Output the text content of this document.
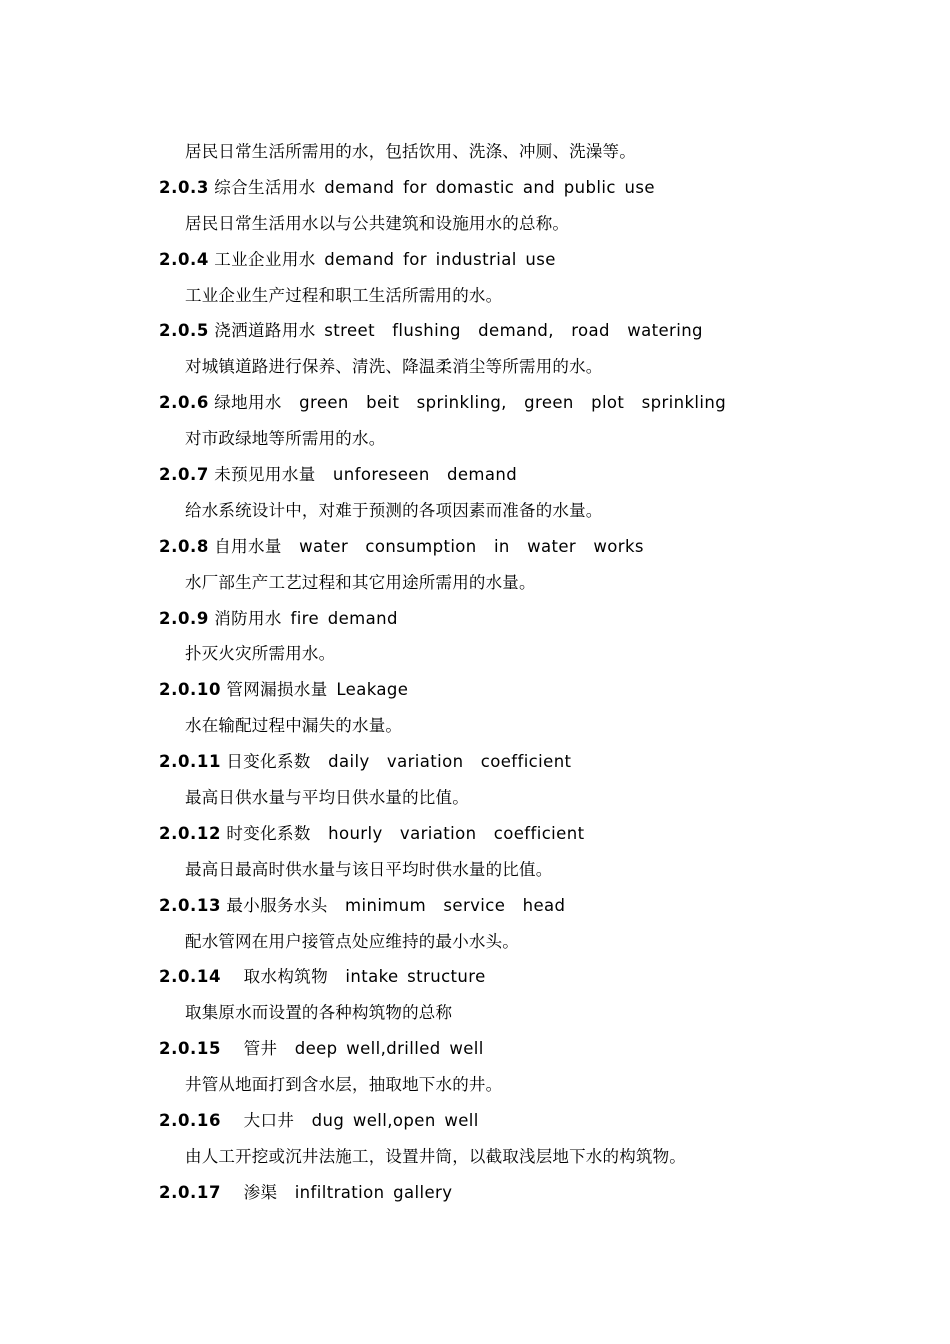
居民日常生活所需用的水，包括饮用、洗涤、冲厕、洗澡等。
2.0.3 综合生活用水 demand for domastic and public use
居民日常生活用水以与公共建筑和设施用水的总称。
2.0.4 工业企业用水 demand for industrial use
工业企业生产过程和职工生活所需用的水。
2.0.5 浇洒道路用水 street  flushing  demand,  road  watering
对城镇道路进行保养、清洗、降温柔消尘等所需用的水。
2.0.6 绿地用水  green  beit  sprinkling,  green  plot  sprinkling
对市政绿地等所需用的水。
2.0.7 未预见用水量  unforeseen  demand
给水系统设计中，对难于预测的各项因素而准备的水量。
2.0.8 自用水量  water  consumption  in  water  works
水厂部生产工艺过程和其它用途所需用的水量。
2.0.9 消防用水 fire demand
扑灭火灾所需用水。
2.0.10 管网漏损水量 Leakage
水在输配过程中漏失的水量。
2.0.11 日变化系数  daily  variation  coefficient
最高日供水量与平均日供水量的比值。
2.0.12 时变化系数  hourly  variation  coefficient
最高日最高时供水量与该日平均时供水量的比值。
2.0.13 最小服务水头  minimum  service  head
配水管网在用户接管点处应维持的最小水头。
2.0.14   取水构筑物  intake structure
取集原水而设置的各种构筑物的总称
2.0.15   管井  deep well,drilled well
井管从地面打到含水层，抽取地下水的井。
2.0.16   大口井  dug well,open well
由人工开挖或沉井法施工，设置井筒，以截取浅层地下水的构筑物。
2.0.17   渗渠  infiltration gallery
